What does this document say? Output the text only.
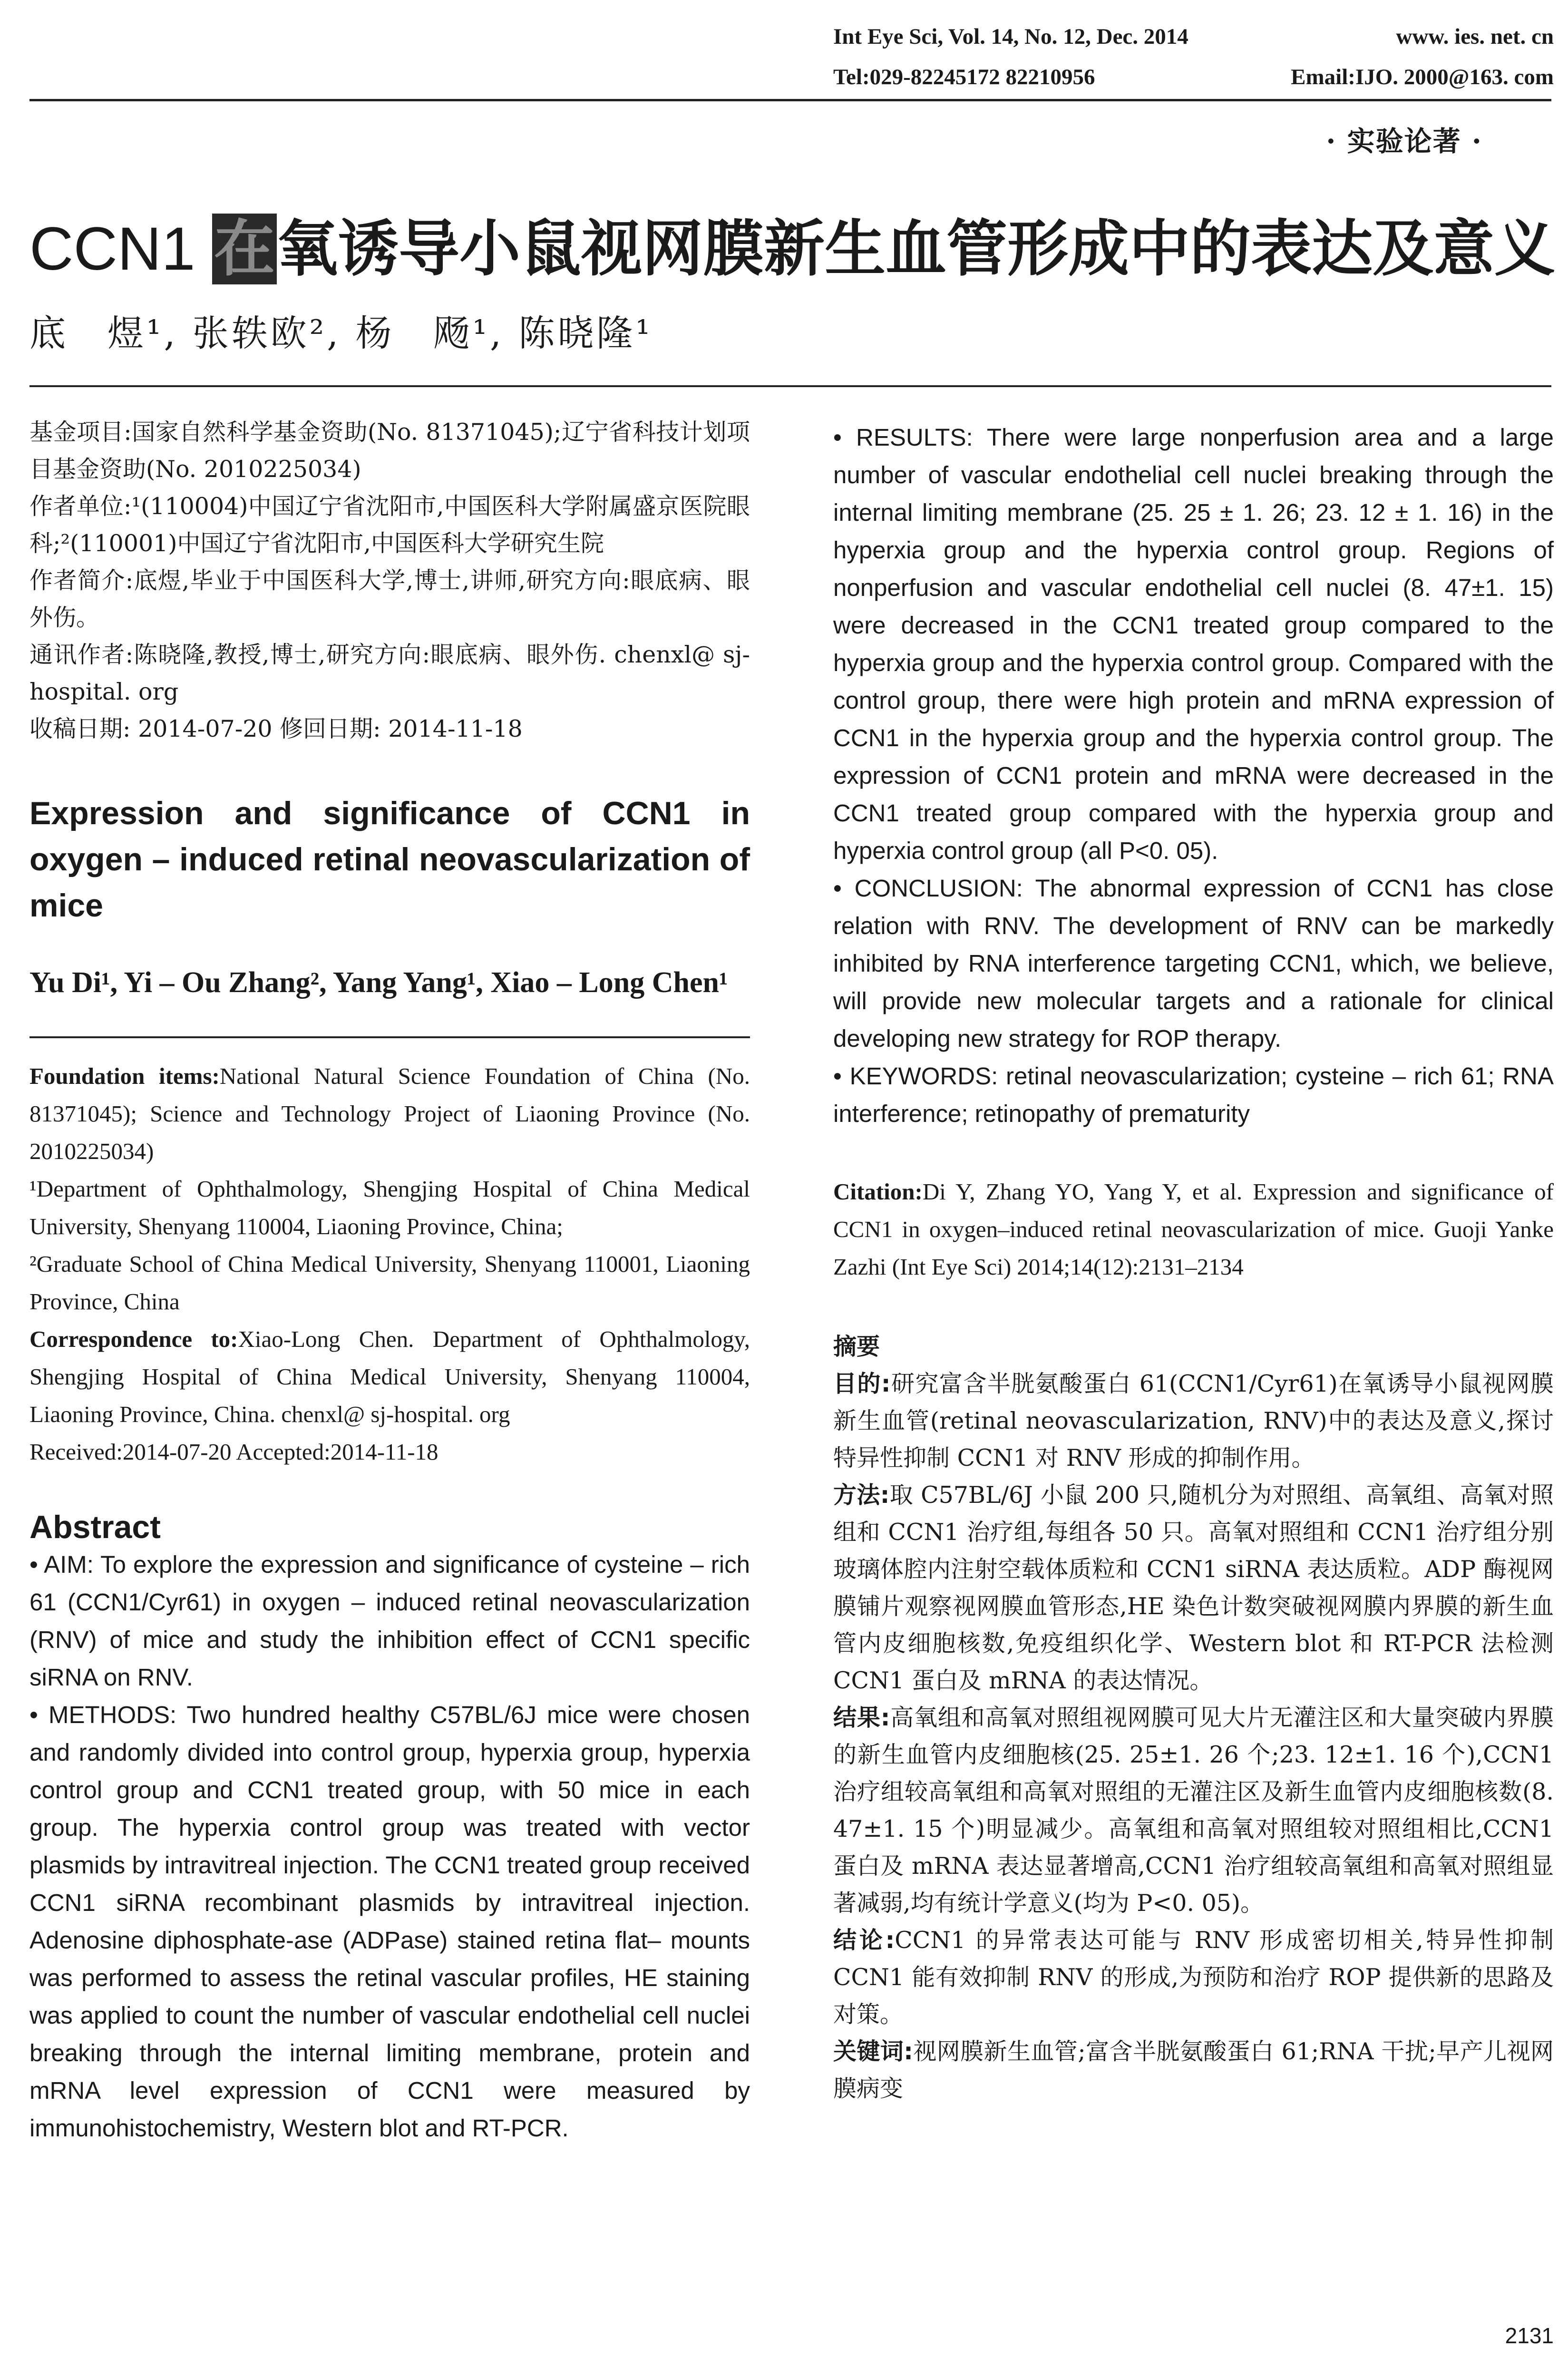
Int Eye Sci, Vol. 14, No. 12, Dec. 2014	www. ies. net. cn
Tel:029-82245172 82210956	Email:IJO. 2000@163. com
· 实验论著 ·
CCN1 在氧诱导小鼠视网膜新生血管形成中的表达及意义
底　煜¹, 张轶欧², 杨　飏¹, 陈晓隆¹

基金项目:国家自然科学基金资助(No. 81371045);辽宁省科技计划项目基金资助(No. 2010225034)

作者单位:¹(110004)中国辽宁省沈阳市,中国医科大学附属盛京医院眼科;²(110001)中国辽宁省沈阳市,中国医科大学研究生院

作者简介:底煜,毕业于中国医科大学,博士,讲师,研究方向:眼底病、眼外伤。

通讯作者:陈晓隆,教授,博士,研究方向:眼底病、眼外伤. chenxl@ sj-hospital. org

收稿日期: 2014-07-20 修回日期: 2014-11-18

Expression and significance of CCN1 in oxygen – induced retinal neovascularization of mice

Yu Di¹, Yi – Ou Zhang², Yang Yang¹, Xiao – Long Chen¹

Foundation items:National Natural Science Foundation of China (No. 81371045); Science and Technology Project of Liaoning Province (No. 2010225034)

¹Department of Ophthalmology, Shengjing Hospital of China Medical University, Shenyang 110004, Liaoning Province, China;

²Graduate School of China Medical University, Shenyang 110001, Liaoning Province, China

Correspondence to:Xiao-Long Chen. Department of Ophthalmology, Shengjing Hospital of China Medical University, Shenyang 110004, Liaoning Province, China. chenxl@ sj-hospital. org

Received:2014-07-20 Accepted:2014-11-18

Abstract

• AIM: To explore the expression and significance of cysteine – rich 61 (CCN1/Cyr61) in oxygen – induced retinal neovascularization (RNV) of mice and study the inhibition effect of CCN1 specific siRNA on RNV.

• METHODS: Two hundred healthy C57BL/6J mice were chosen and randomly divided into control group, hyperxia group, hyperxia control group and CCN1 treated group, with 50 mice in each group. The hyperxia control group was treated with vector plasmids by intravitreal injection. The CCN1 treated group received CCN1 siRNA recombinant plasmids by intravitreal injection. Adenosine diphosphate-ase (ADPase) stained retina flat– mounts was performed to assess the retinal vascular profiles, HE staining was applied to count the number of vascular endothelial cell nuclei breaking through the internal limiting membrane, protein and mRNA level expression of CCN1 were measured by immunohistochemistry, Western blot and RT-PCR.

• RESULTS: There were large nonperfusion area and a large number of vascular endothelial cell nuclei breaking through the internal limiting membrane (25. 25 ± 1. 26; 23. 12 ± 1. 16) in the hyperxia group and the hyperxia control group. Regions of nonperfusion and vascular endothelial cell nuclei (8. 47±1. 15) were decreased in the CCN1 treated group compared to the hyperxia group and the hyperxia control group. Compared with the control group, there were high protein and mRNA expression of CCN1 in the hyperxia group and the hyperxia control group. The expression of CCN1 protein and mRNA were decreased in the CCN1 treated group compared with the hyperxia group and hyperxia control group (all P<0. 05).

• CONCLUSION: The abnormal expression of CCN1 has close relation with RNV. The development of RNV can be markedly inhibited by RNA interference targeting CCN1, which, we believe, will provide new molecular targets and a rationale for clinical developing new strategy for ROP therapy.

• KEYWORDS: retinal neovascularization; cysteine – rich 61; RNA interference; retinopathy of prematurity

Citation:Di Y, Zhang YO, Yang Y, et al. Expression and significance of CCN1 in oxygen–induced retinal neovascularization of mice. Guoji Yanke Zazhi (Int Eye Sci) 2014;14(12):2131–2134

摘要

目的:研究富含半胱氨酸蛋白 61(CCN1/Cyr61)在氧诱导小鼠视网膜新生血管(retinal neovascularization, RNV)中的表达及意义,探讨特异性抑制 CCN1 对 RNV 形成的抑制作用。

方法:取 C57BL/6J 小鼠 200 只,随机分为对照组、高氧组、高氧对照组和 CCN1 治疗组,每组各 50 只。高氧对照组和 CCN1 治疗组分别玻璃体腔内注射空载体质粒和 CCN1 siRNA 表达质粒。ADP 酶视网膜铺片观察视网膜血管形态,HE 染色计数突破视网膜内界膜的新生血管内皮细胞核数,免疫组织化学、Western blot 和 RT-PCR 法检测 CCN1 蛋白及 mRNA 的表达情况。

结果:高氧组和高氧对照组视网膜可见大片无灌注区和大量突破内界膜的新生血管内皮细胞核(25. 25±1. 26 个;23. 12±1. 16 个),CCN1 治疗组较高氧组和高氧对照组的无灌注区及新生血管内皮细胞核数(8. 47±1. 15 个)明显减少。高氧组和高氧对照组较对照组相比,CCN1 蛋白及 mRNA 表达显著增高,CCN1 治疗组较高氧组和高氧对照组显著减弱,均有统计学意义(均为 P<0. 05)。

结论:CCN1 的异常表达可能与 RNV 形成密切相关,特异性抑制 CCN1 能有效抑制 RNV 的形成,为预防和治疗 ROP 提供新的思路及对策。

关键词:视网膜新生血管;富含半胱氨酸蛋白 61;RNA 干扰;早产儿视网膜病变

2131
